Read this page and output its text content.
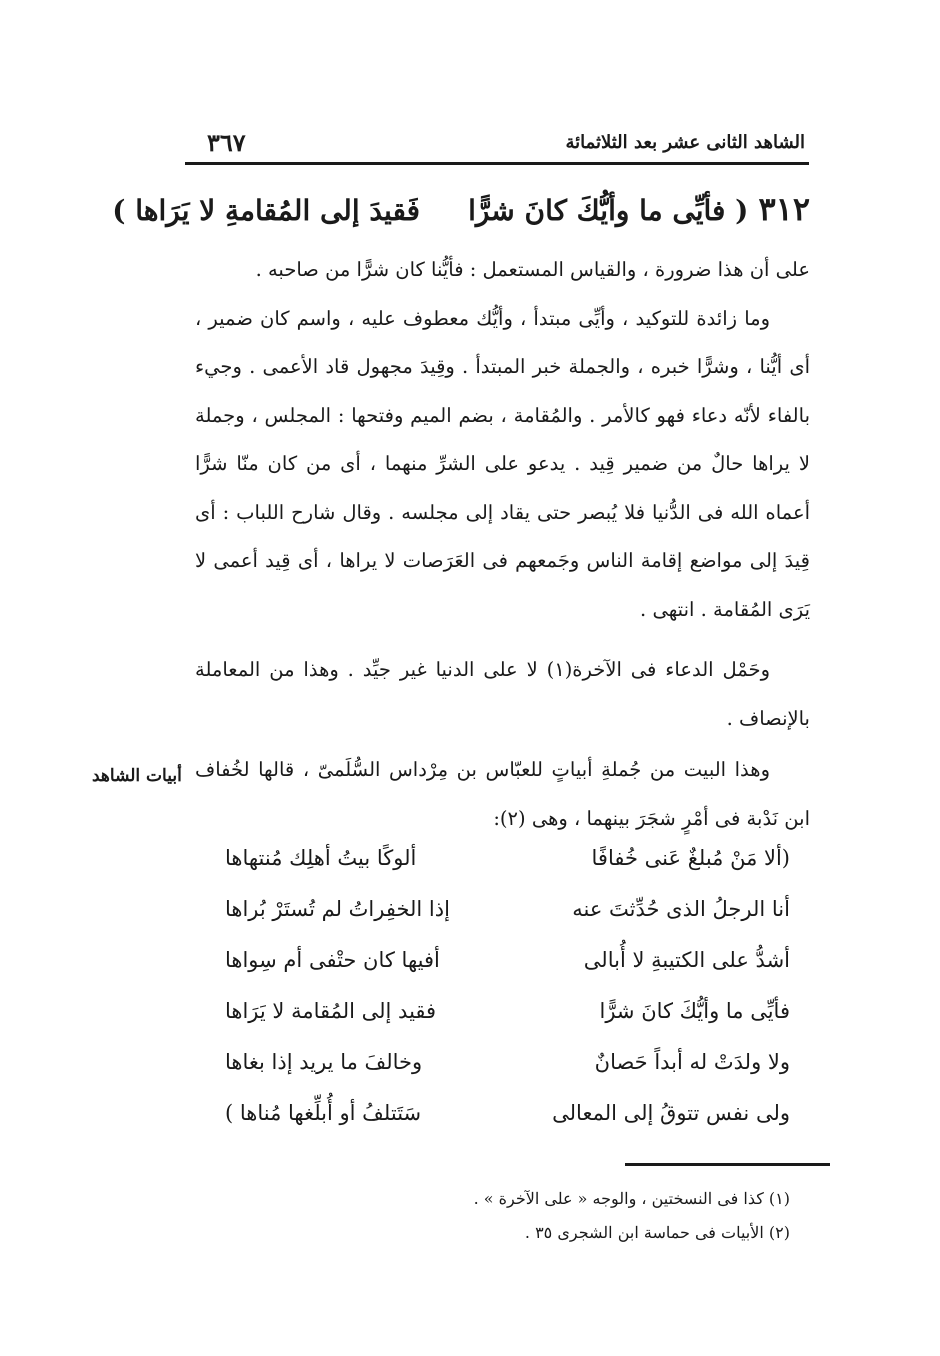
الشاهد الثانى عشر بعد الثلاثمائة
٣٦٧
٣١٢( فأيِّى ما وأيُّكَ كانَ شرًّافَقيدَ إلى المُقامةِ لا يَرَاها )

على أن هذا ضرورة ، والقياس المستعمل : فأيُّنا كان شرًّا من صاحبه .

وما زائدة للتوكيد ، وأيِّى مبتدأ ، وأيُّك معطوف عليه ، واسم كان ضمير ، أى أيُّنا ، وشرًّا خبره ، والجملة خبر المبتدأ . وقِيدَ مجهول قاد الأعمى . وجيء بالفاء لأنّه دعاء فهو كالأمر . والمُقامة ، بضم الميم وفتحها : المجلس ، وجملة لا يراها حالٌ من ضمير قِيد . يدعو على الشرِّ منهما ، أى من كان منّا شرًّا أعماه الله فى الدُّنيا فلا يُبصر حتى يقاد إلى مجلسه . وقال شارح اللباب : أى قِيدَ إلى مواضع إقامة الناس وجَمعهم فى العَرَصات لا يراها ، أى قِيد أعمى لا يَرَى المُقامة . انتهى .

وحَمْل الدعاء فى الآخرة(١) لا على الدنيا غير جيِّد . وهذا من المعاملة بالإنصاف .

وهذا البيت من جُملةِ أبياتٍ للعبّاس بن مِرْداس السُّلَمىّ ، قالها لخُفاف ابن نَدْبة فى أمْرٍ شجَرَ بينهما ، وهى (٢):

أبيات الشاهد
(ألا مَنْ مُبلغٌ عَنى خُفافًا
ألوكًا بيتُ أهلِك مُنتهاها
أنا الرجلُ الذى حُدِّثتَ عنه
إذا الخفِراتُ لم تُستَرْ بُراها
أشدُّ على الكتيبةِ لا أُبالى
أفيها كان حتْفى أم سِواها
فأيِّى ما وأيُّكَ كانَ شرًّا
فقيد إلى المُقامة لا يَرَاها
ولا ولدَتْ له أبداً حَصانٌ
وخالفَ ما يريد إذا بغاها
ولى نفس تتوقُ إلى المعالى
سَتَتلفُ أو أُبلِّغها مُناها )

(١) كذا فى النسختين ، والوجه « على الآخرة » .

(٢) الأبيات فى حماسة ابن الشجرى ٣٥ .
